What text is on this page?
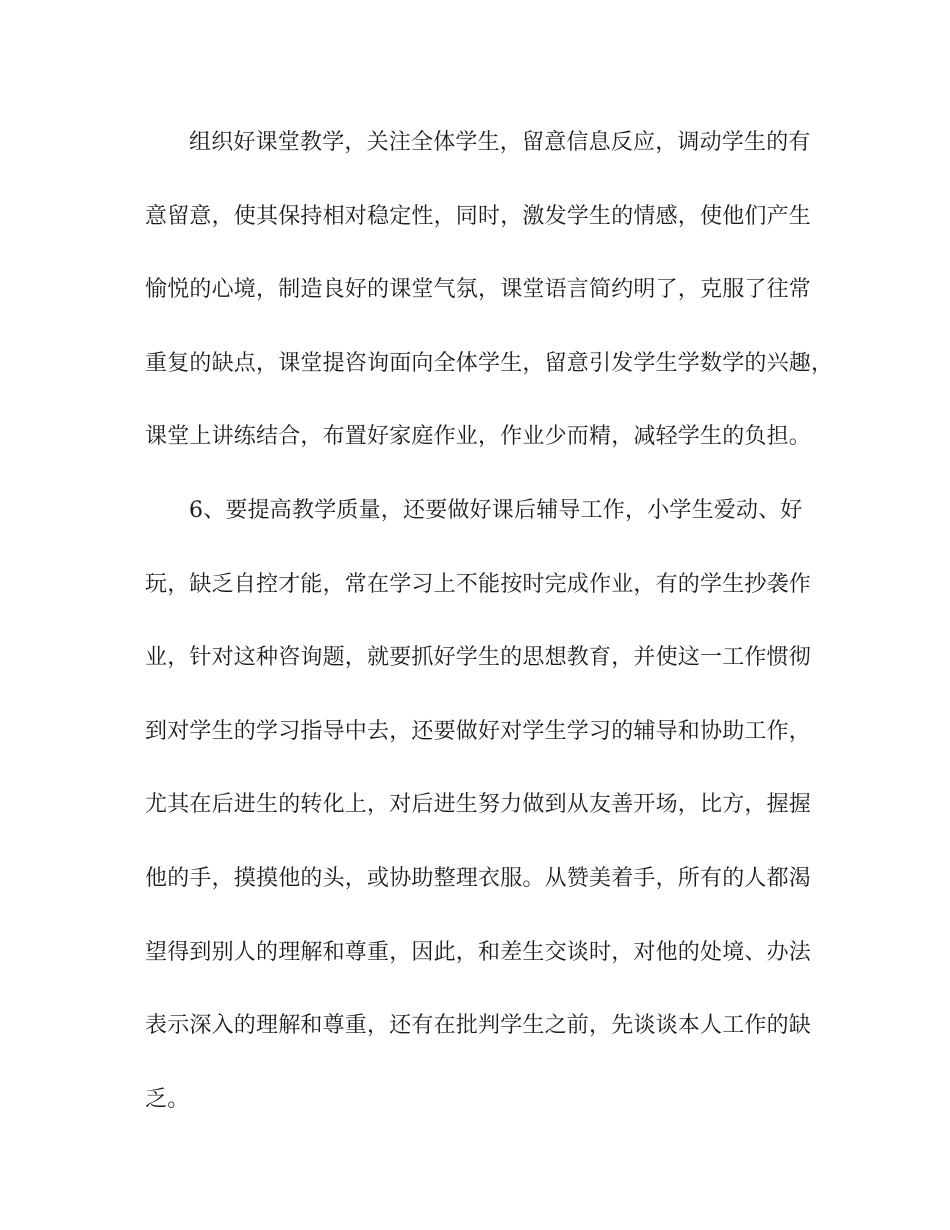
组织好课堂教学，关注全体学生，留意信息反应，调动学生的有
意留意，使其保持相对稳定性，同时，激发学生的情感，使他们产生
愉悦的心境，制造良好的课堂气氛，课堂语言简约明了，克服了往常
重复的缺点，课堂提咨询面向全体学生，留意引发学生学数学的兴趣，
课堂上讲练结合，布置好家庭作业，作业少而精，减轻学生的负担。
6、要提高教学质量，还要做好课后辅导工作，小学生爱动、好
玩，缺乏自控才能，常在学习上不能按时完成作业，有的学生抄袭作
业，针对这种咨询题，就要抓好学生的思想教育，并使这一工作惯彻
到对学生的学习指导中去，还要做好对学生学习的辅导和协助工作，
尤其在后进生的转化上，对后进生努力做到从友善开场，比方，握握
他的手，摸摸他的头，或协助整理衣服。从赞美着手，所有的人都渴
望得到别人的理解和尊重，因此，和差生交谈时，对他的处境、办法
表示深入的理解和尊重，还有在批判学生之前，先谈谈本人工作的缺
乏。
